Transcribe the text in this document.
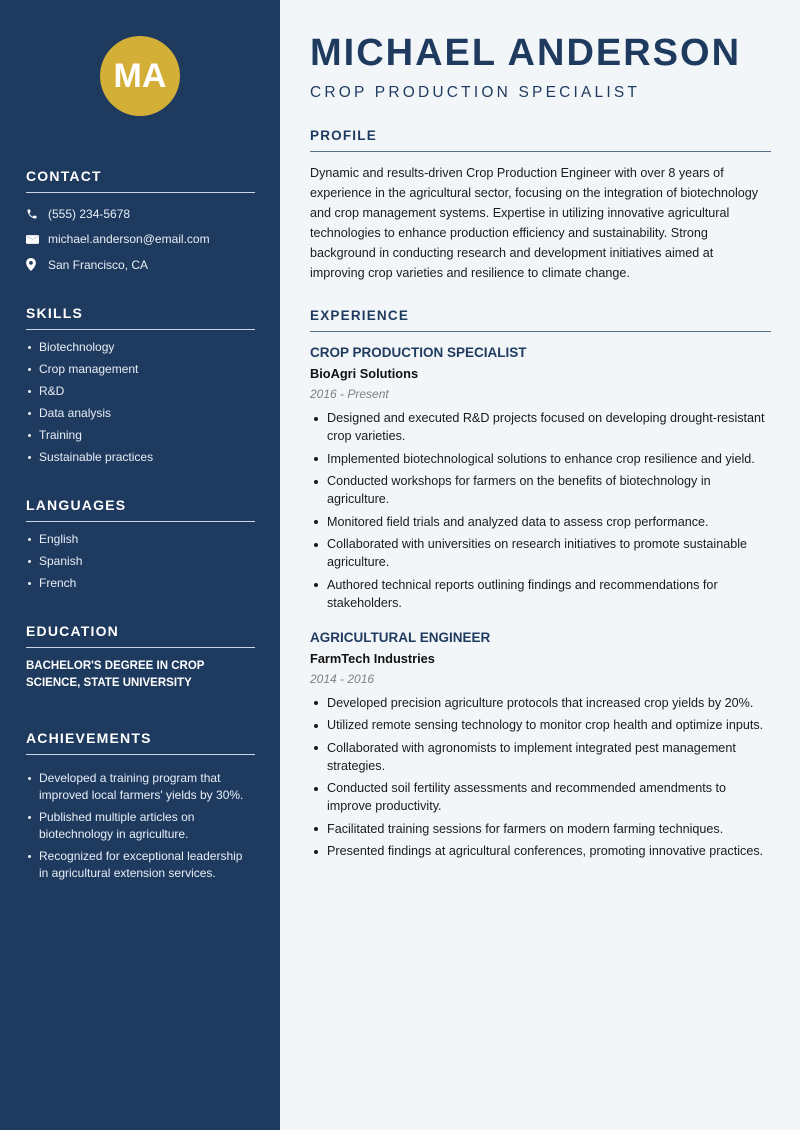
MA
CONTACT
(555) 234-5678
michael.anderson@email.com
San Francisco, CA
SKILLS
Biotechnology
Crop management
R&D
Data analysis
Training
Sustainable practices
LANGUAGES
English
Spanish
French
EDUCATION
BACHELOR'S DEGREE IN CROP SCIENCE, STATE UNIVERSITY
ACHIEVEMENTS
Developed a training program that improved local farmers' yields by 30%.
Published multiple articles on biotechnology in agriculture.
Recognized for exceptional leadership in agricultural extension services.
MICHAEL ANDERSON
CROP PRODUCTION SPECIALIST
PROFILE

Dynamic and results-driven Crop Production Engineer with over 8 years of experience in the agricultural sector, focusing on the integration of biotechnology and crop management systems. Expertise in utilizing innovative agricultural technologies to enhance production efficiency and sustainability. Strong background in conducting research and development initiatives aimed at improving crop varieties and resilience to climate change.

EXPERIENCE
CROP PRODUCTION SPECIALIST
BioAgri Solutions
2016 - Present
Designed and executed R&D projects focused on developing drought-resistant crop varieties.
Implemented biotechnological solutions to enhance crop resilience and yield.
Conducted workshops for farmers on the benefits of biotechnology in agriculture.
Monitored field trials and analyzed data to assess crop performance.
Collaborated with universities on research initiatives to promote sustainable agriculture.
Authored technical reports outlining findings and recommendations for stakeholders.
AGRICULTURAL ENGINEER
FarmTech Industries
2014 - 2016
Developed precision agriculture protocols that increased crop yields by 20%.
Utilized remote sensing technology to monitor crop health and optimize inputs.
Collaborated with agronomists to implement integrated pest management strategies.
Conducted soil fertility assessments and recommended amendments to improve productivity.
Facilitated training sessions for farmers on modern farming techniques.
Presented findings at agricultural conferences, promoting innovative practices.
